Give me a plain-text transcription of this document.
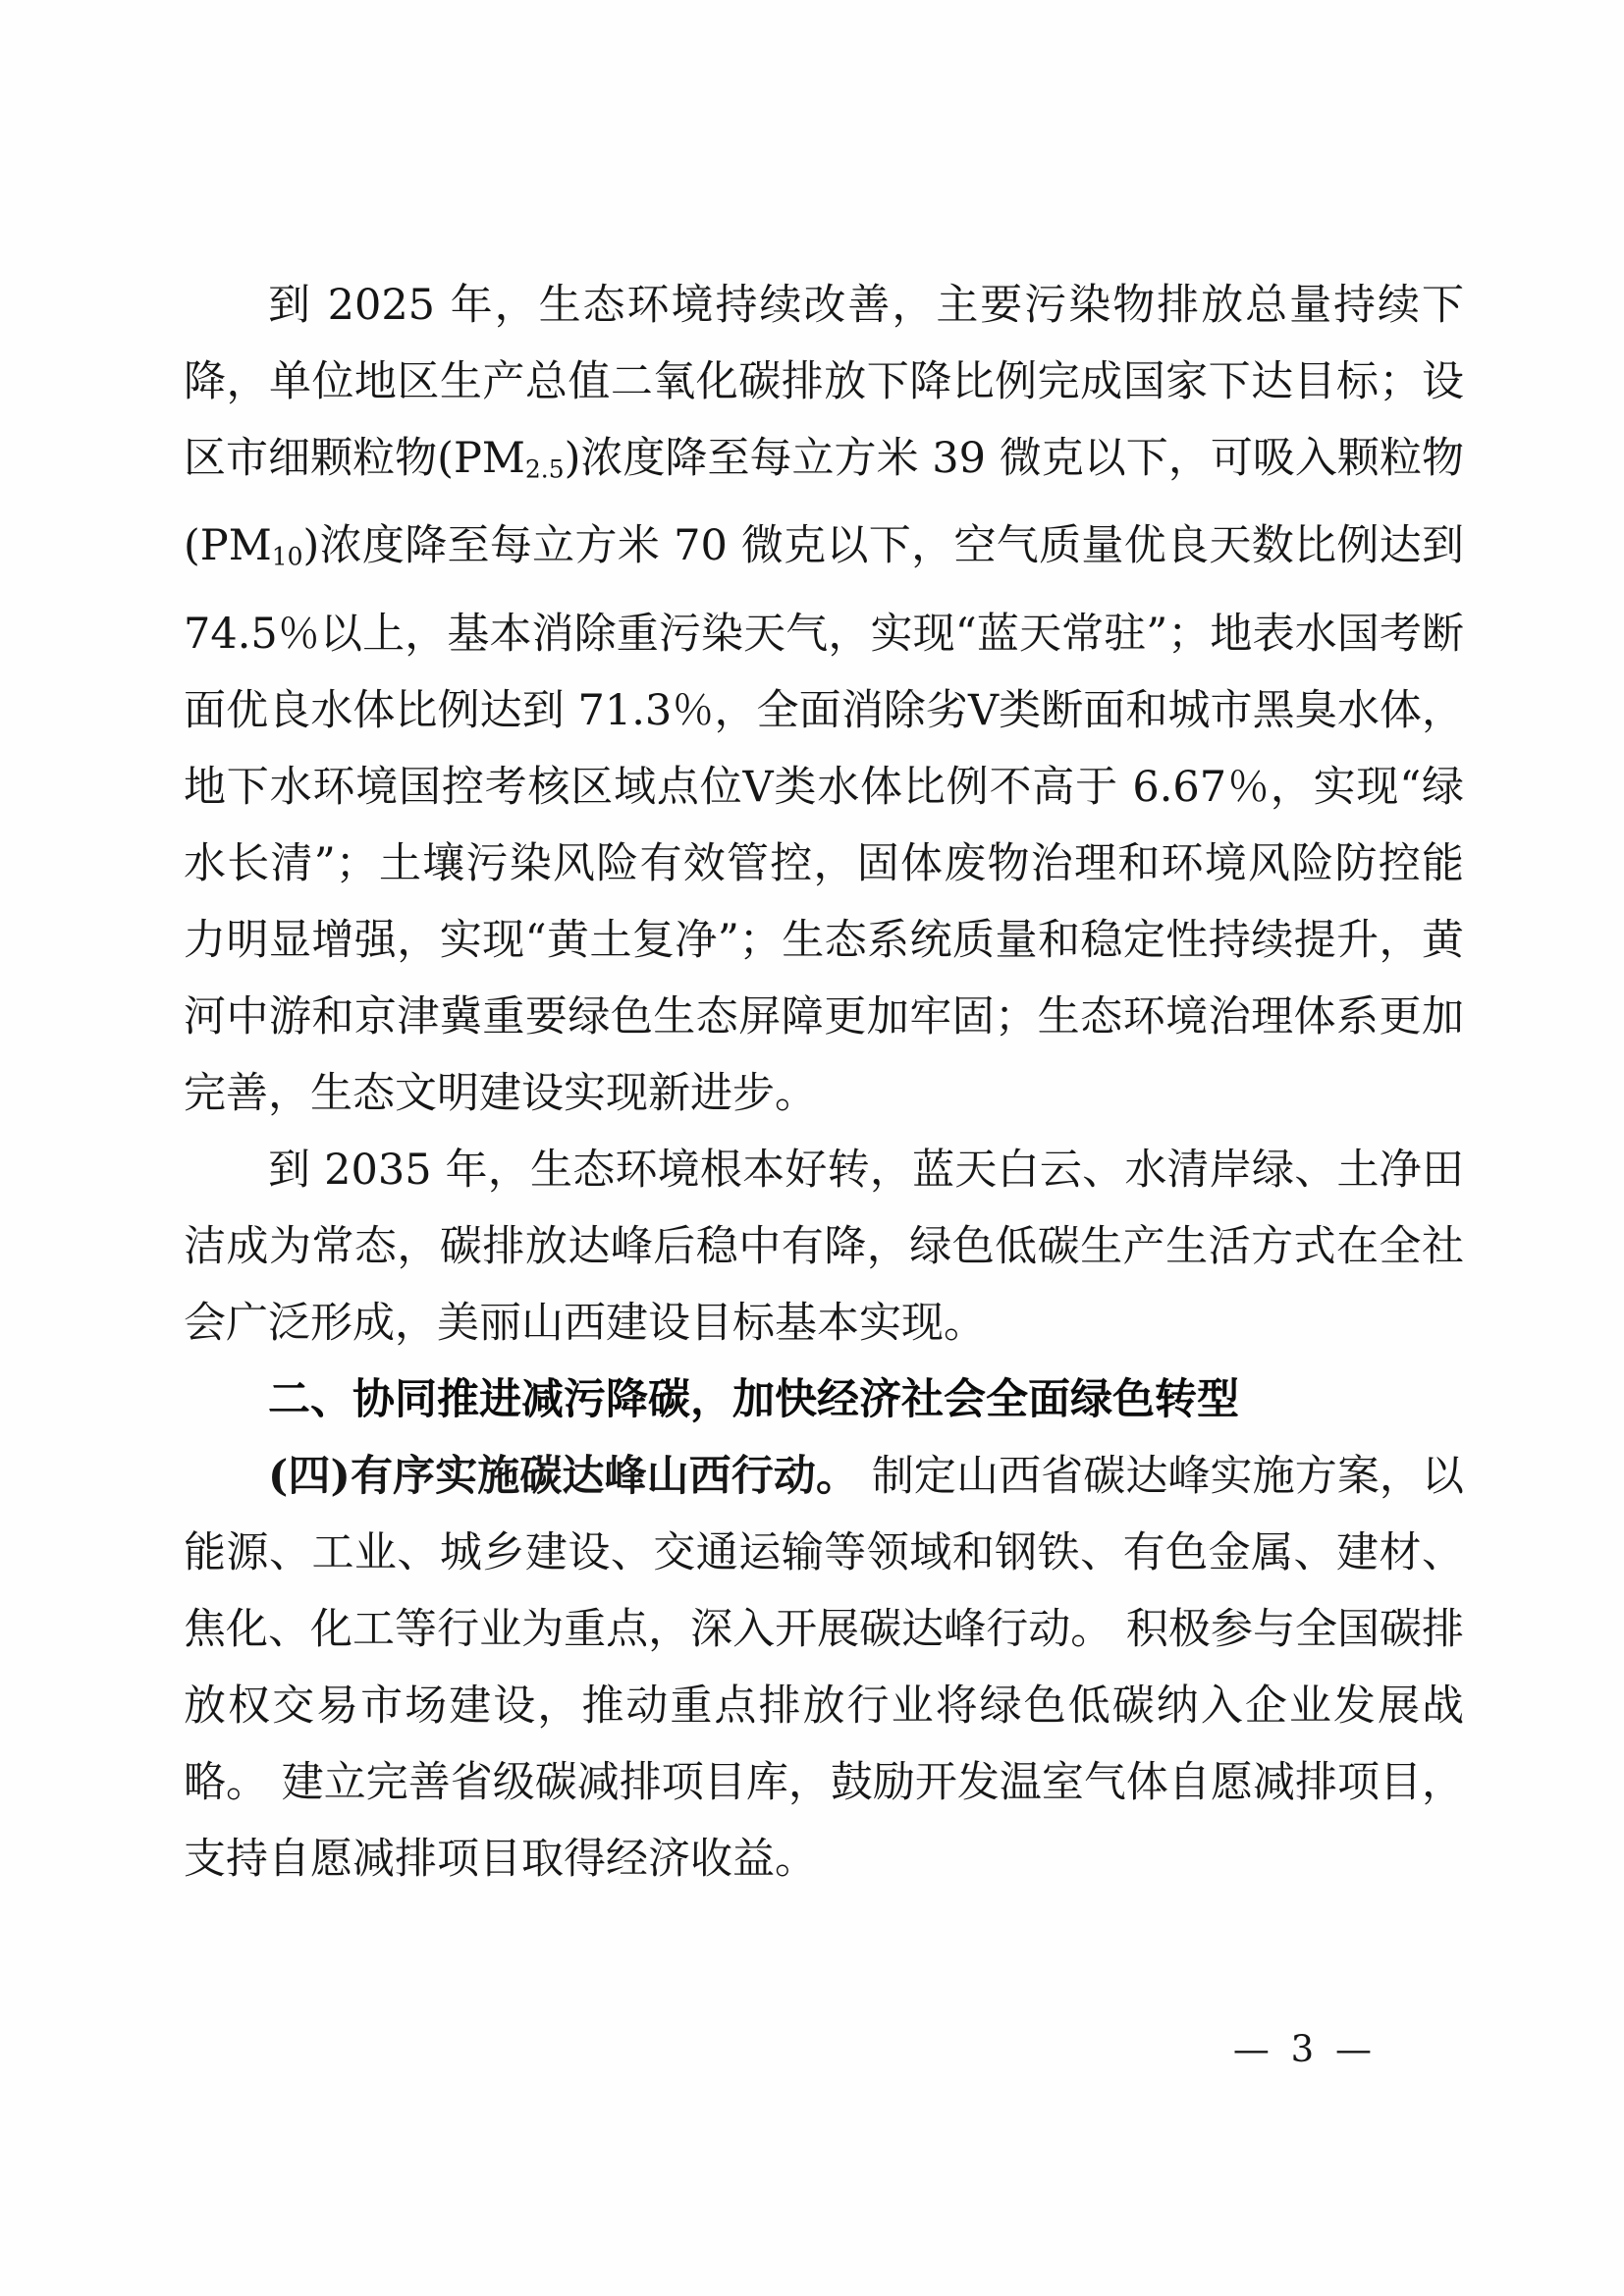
到 2025 年，生态环境持续改善，主要污染物排放总量持续下降，单位地区生产总值二氧化碳排放下降比例完成国家下达目标；设区市细颗粒物$(PM_{2.5})$浓度降至每立方米 39 微克以下，可吸入颗粒物$(PM_{10})$浓度降至每立方米 70 微克以下，空气质量优良天数比例达到 74.5％以上，基本消除重污染天气，实现“蓝天常驻”；地表水国考断面优良水体比例达到 71.3％，全面消除劣Ⅴ类断面和城市黑臭水体，地下水环境国控考核区域点位Ⅴ类水体比例不高于 6.67％，实现“绿水长清”；土壤污染风险有效管控，固体废物治理和环境风险防控能力明显增强，实现“黄土复净”；生态系统质量和稳定性持续提升，黄河中游和京津冀重要绿色生态屏障更加牢固；生态环境治理体系更加完善，生态文明建设实现新进步。

到 2035 年，生态环境根本好转，蓝天白云、水清岸绿、土净田洁成为常态，碳排放达峰后稳中有降，绿色低碳生产生活方式在全社会广泛形成，美丽山西建设目标基本实现。

二、协同推进减污降碳，加快经济社会全面绿色转型

(四)有序实施碳达峰山西行动。 制定山西省碳达峰实施方案，以能源、工业、城乡建设、交通运输等领域和钢铁、有色金属、建材、焦化、化工等行业为重点，深入开展碳达峰行动。 积极参与全国碳排放权交易市场建设，推动重点排放行业将绿色低碳纳入企业发展战略。 建立完善省级碳减排项目库，鼓励开发温室气体自愿减排项目，支持自愿减排项目取得经济收益。

— 3 —
